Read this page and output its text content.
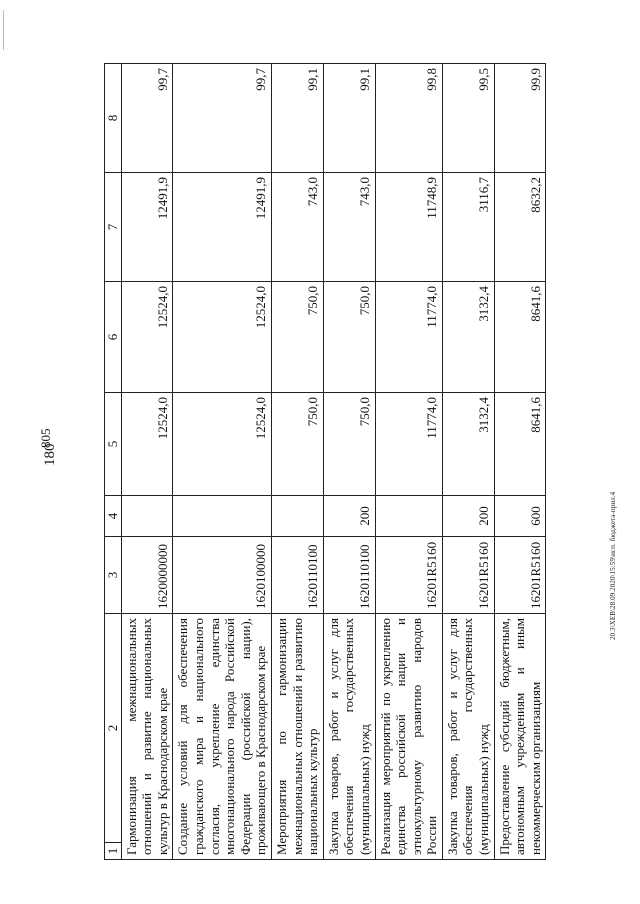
805
180
1	2	3	4	5	6	7	8
Гармонизация межнациональных отношений и развитие национальных культур в Краснодарском крае		1620000000		12524,0	12524,0	12491,9	99,7
Создание условий для обеспечения гражданского мира и национального согласия, укрепление единства многонационального народа Российской Федерации (российской нации), проживающего в Краснодарском крае		1620100000		12524,0	12524,0	12491,9	99,7
Мероприятия по гармонизации межнациональных отношений и развитию национальных культур		1620110100		750,0	750,0	743,0	99,1
Закупка товаров, работ и услуг для обеспечения государственных (муниципальных) нужд		1620110100	200	750,0	750,0	743,0	99,1
Реализация мероприятий по укреплению единства российской нации и этнокультурному развитию народов России		16201R5160		11774,0	11774,0	11748,9	99,8
Закупка товаров, работ и услуг для обеспечения государственных (муниципальных) нужд		16201R5160	200	3132,4	3132,4	3116,7	99,5
Предоставление субсидий бюджетным, автономным учреждениям и иным некоммерческим организациям		16201R5160	600	8641,6	8641,6	8632,2	99,9
20.3\XEB\28.09.2020\15:59\исп. бюджета-прил.4
